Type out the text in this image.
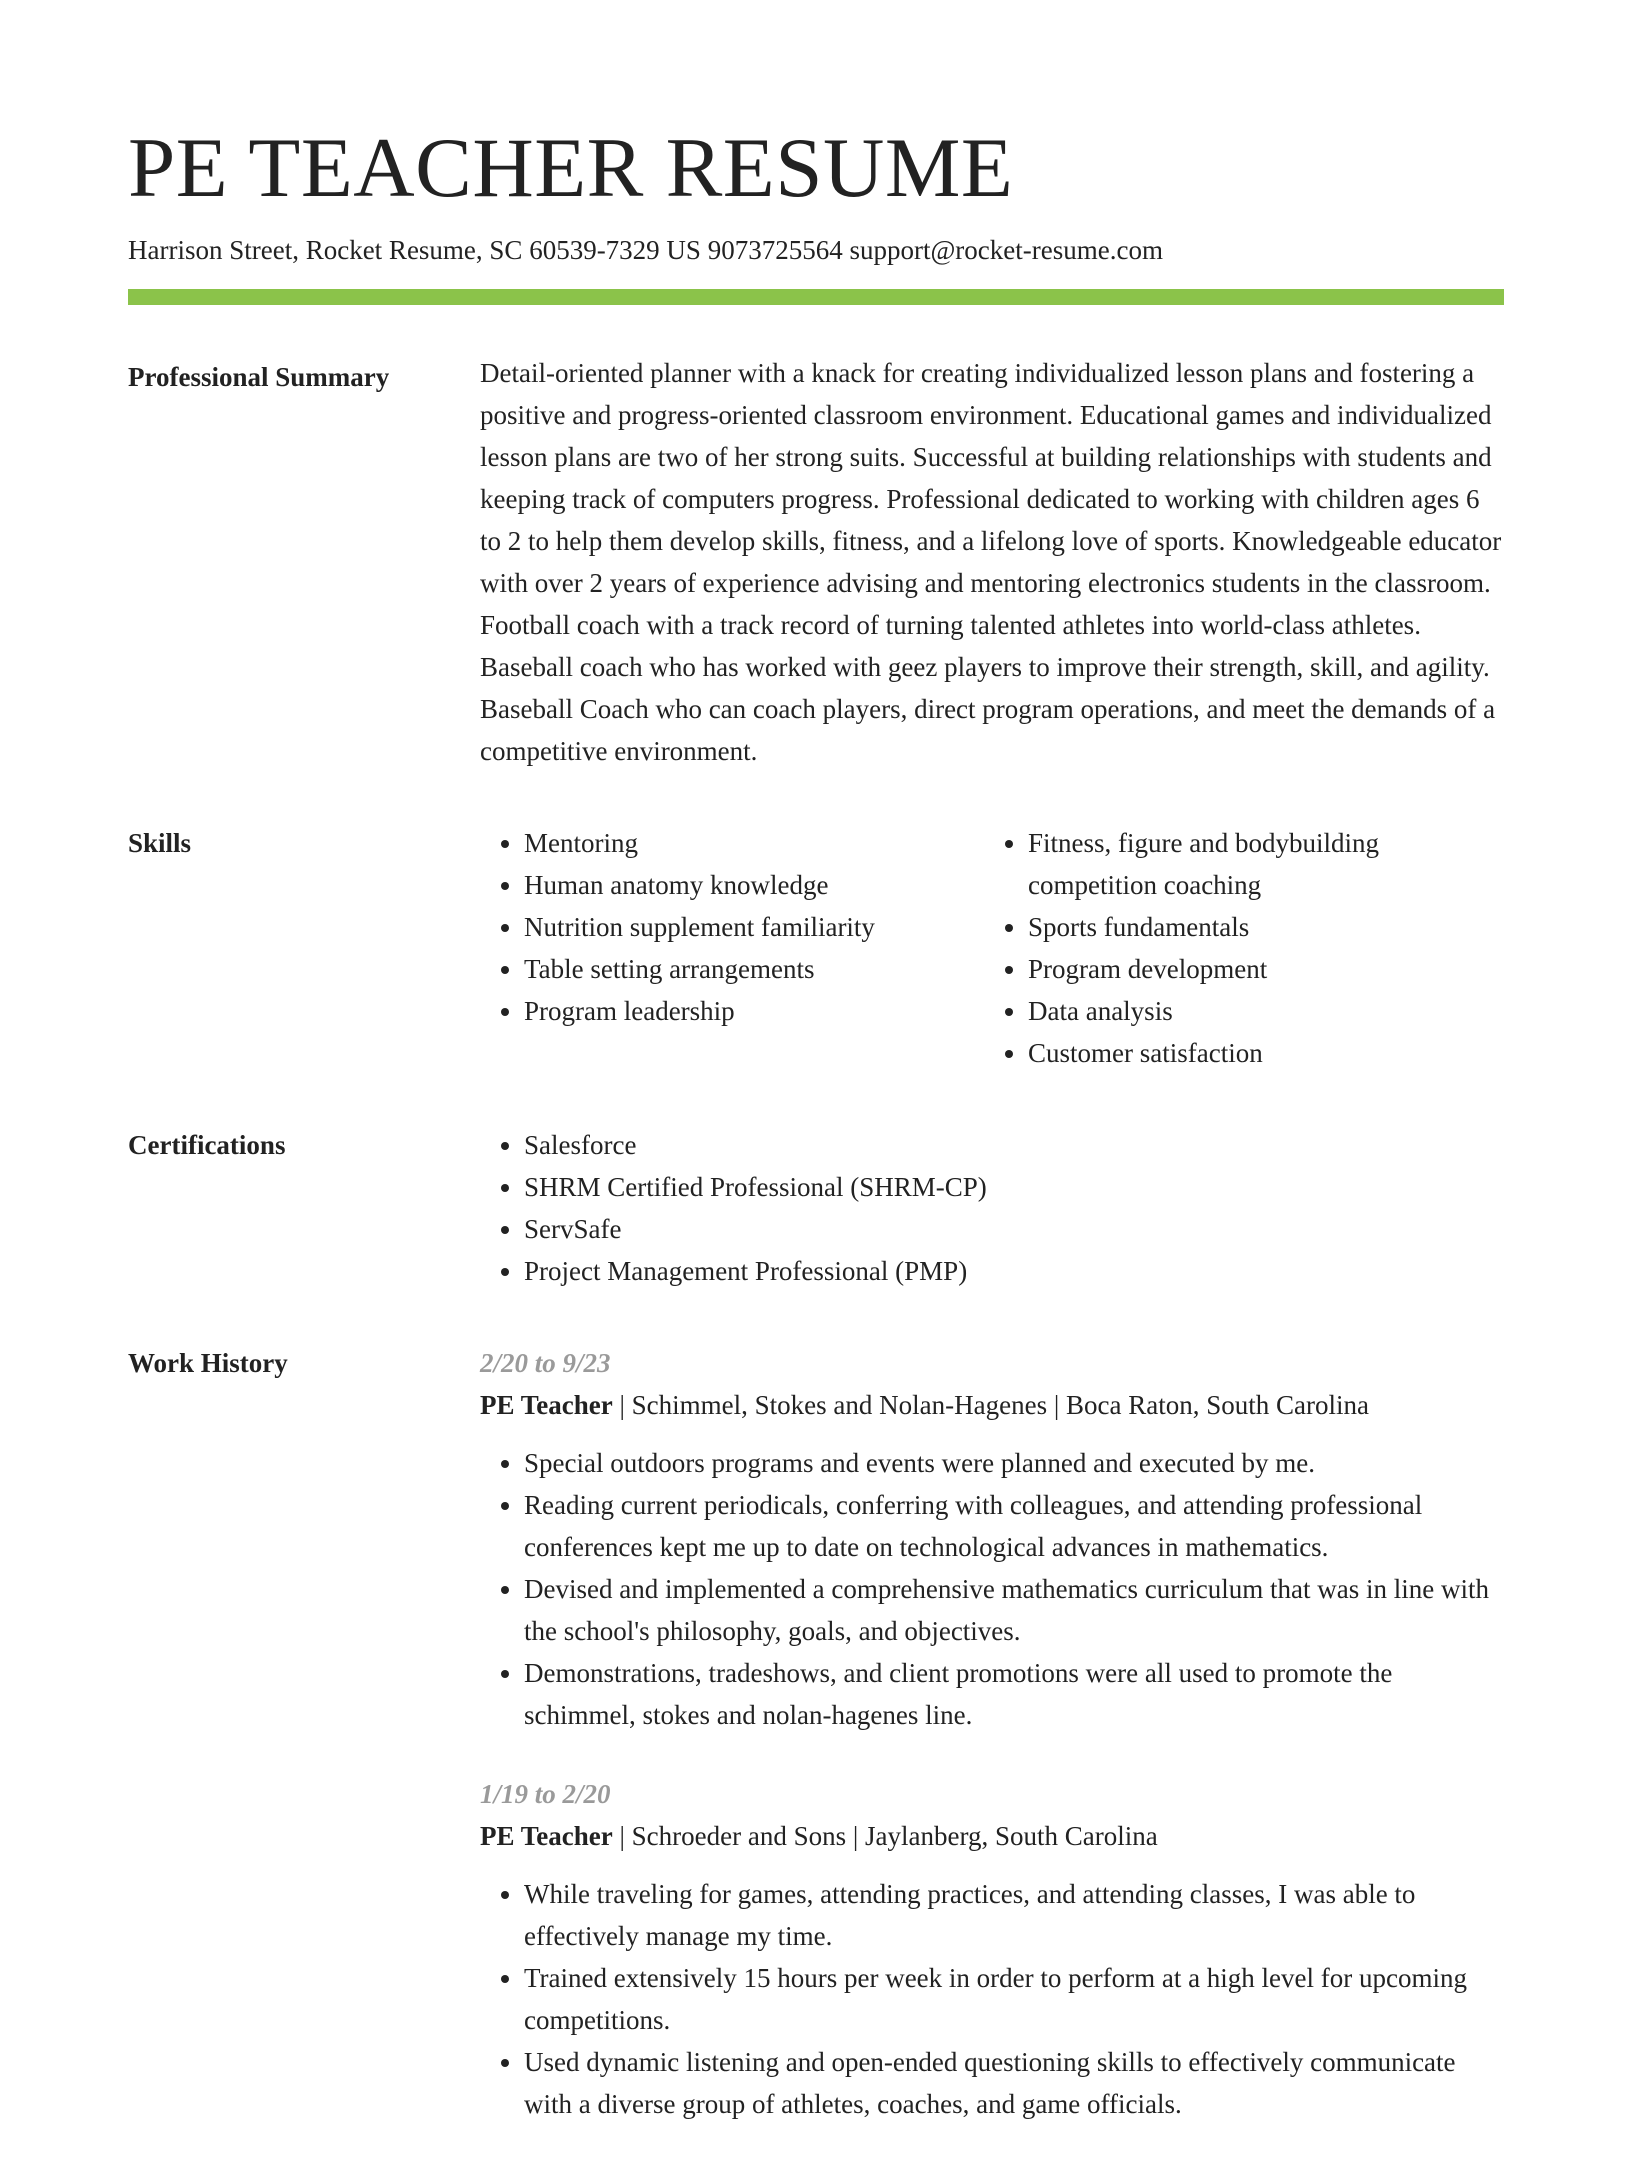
PE TEACHER RESUME
Harrison Street, Rocket Resume, SC 60539-7329 US 9073725564 support@rocket-resume.com
Professional Summary	Detail-oriented planner with a knack for creating individualized lesson plans and fostering a positive and progress-oriented classroom environment. Educational games and individualized lesson plans are two of her strong suits. Successful at building relationships with students and keeping track of computers progress. Professional dedicated to working with children ages 6 to 2 to help them develop skills, fitness, and a lifelong love of sports. Knowledgeable educator with over 2 years of experience advising and mentoring electronics students in the classroom. Football coach with a track record of turning talented athletes into world-class athletes. Baseball coach who has worked with geez players to improve their strength, skill, and agility. Baseball Coach who can coach players, direct program operations, and meet the demands of a competitive environment.

Skills	• Mentoring
• Human anatomy knowledge
• Nutrition supplement familiarity
• Table setting arrangements
• Program leadership
• Fitness, figure and bodybuilding competition coaching
• Sports fundamentals
• Program development
• Data analysis
• Customer satisfaction
Certifications	• Salesforce
• SHRM Certified Professional (SHRM-CP)
• ServSafe
• Project Management Professional (PMP)
Work History	2/20 to 9/23
PE Teacher | Schimmel, Stokes and Nolan-Hagenes | Boca Raton, South Carolina
• Special outdoors programs and events were planned and executed by me.
• Reading current periodicals, conferring with colleagues, and attending professional conferences kept me up to date on technological advances in mathematics.
• Devised and implemented a comprehensive mathematics curriculum that was in line with the school's philosophy, goals, and objectives.
• Demonstrations, tradeshows, and client promotions were all used to promote the schimmel, stokes and nolan-hagenes line.
1/19 to 2/20
PE Teacher | Schroeder and Sons | Jaylanberg, South Carolina
• While traveling for games, attending practices, and attending classes, I was able to effectively manage my time.
• Trained extensively 15 hours per week in order to perform at a high level for upcoming competitions.
• Used dynamic listening and open-ended questioning skills to effectively communicate with a diverse group of athletes, coaches, and game officials.
